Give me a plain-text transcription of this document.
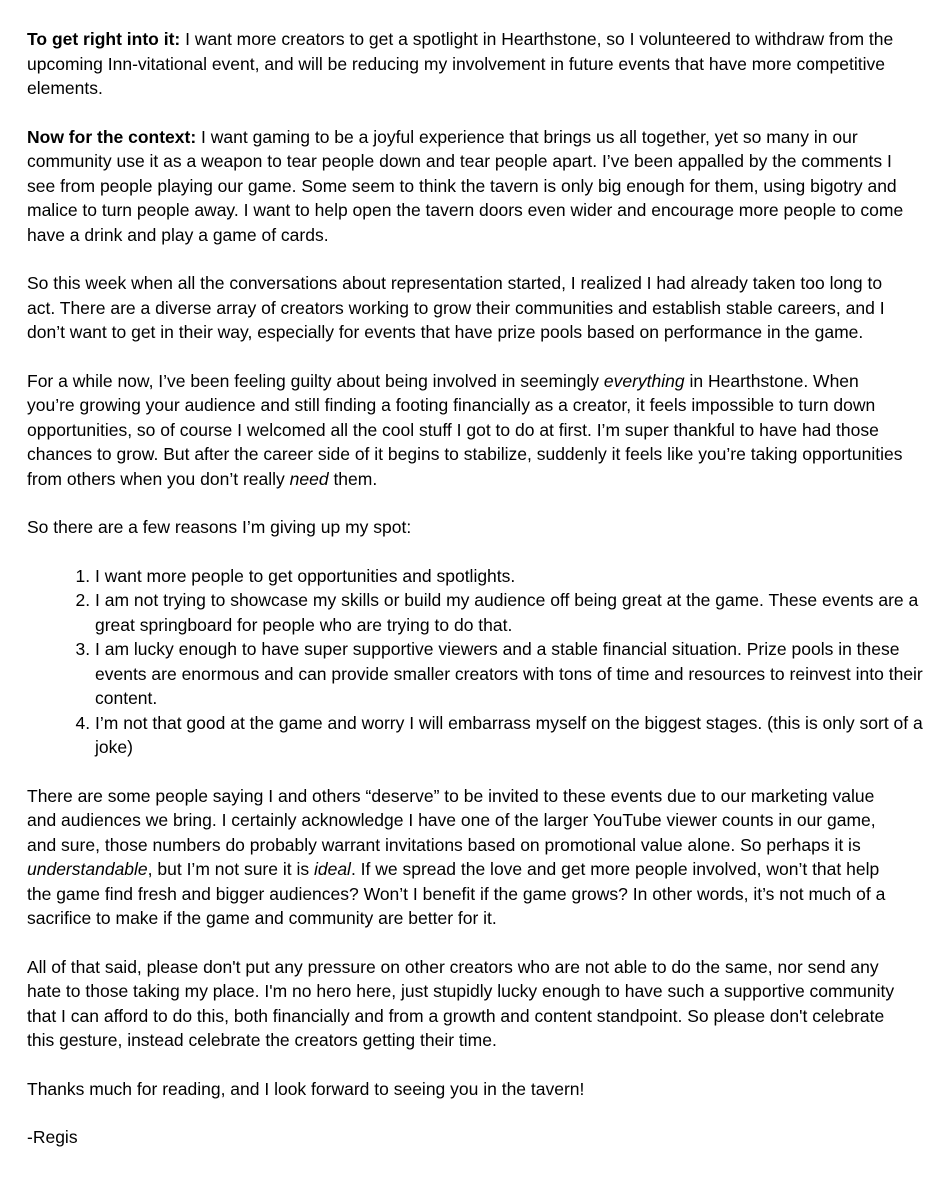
To get right into it: I want more creators to get a spotlight in Hearthstone, so I volunteered to withdraw from the upcoming Inn-vitational event, and will be reducing my involvement in future events that have more competitive elements.

Now for the context: I want gaming to be a joyful experience that brings us all together, yet so many in our community use it as a weapon to tear people down and tear people apart. I’ve been appalled by the comments I see from people playing our game. Some seem to think the tavern is only big enough for them, using bigotry and malice to turn people away. I want to help open the tavern doors even wider and encourage more people to come have a drink and play a game of cards.

So this week when all the conversations about representation started, I realized I had already taken too long to act. There are a diverse array of creators working to grow their communities and establish stable careers, and I don’t want to get in their way, especially for events that have prize pools based on performance in the game.

For a while now, I’ve been feeling guilty about being involved in seemingly everything in Hearthstone. When you’re growing your audience and still finding a footing financially as a creator, it feels impossible to turn down opportunities, so of course I welcomed all the cool stuff I got to do at first. I’m super thankful to have had those chances to grow. But after the career side of it begins to stabilize, suddenly it feels like you’re taking opportunities from others when you don’t really need them.

So there are a few reasons I’m giving up my spot:

1. I want more people to get opportunities and spotlights.
2. I am not trying to showcase my skills or build my audience off being great at the game. These events are a great springboard for people who are trying to do that.
3. I am lucky enough to have super supportive viewers and a stable financial situation. Prize pools in these events are enormous and can provide smaller creators with tons of time and resources to reinvest into their content.
4. I’m not that good at the game and worry I will embarrass myself on the biggest stages. (this is only sort of a joke)

There are some people saying I and others “deserve” to be invited to these events due to our marketing value and audiences we bring. I certainly acknowledge I have one of the larger YouTube viewer counts in our game, and sure, those numbers do probably warrant invitations based on promotional value alone. So perhaps it is understandable, but I’m not sure it is ideal. If we spread the love and get more people involved, won’t that help the game find fresh and bigger audiences? Won’t I benefit if the game grows? In other words, it’s not much of a sacrifice to make if the game and community are better for it.

All of that said, please don't put any pressure on other creators who are not able to do the same, nor send any hate to those taking my place. I'm no hero here, just stupidly lucky enough to have such a supportive community that I can afford to do this, both financially and from a growth and content standpoint. So please don't celebrate this gesture, instead celebrate the creators getting their time.

Thanks much for reading, and I look forward to seeing you in the tavern!

-Regis
